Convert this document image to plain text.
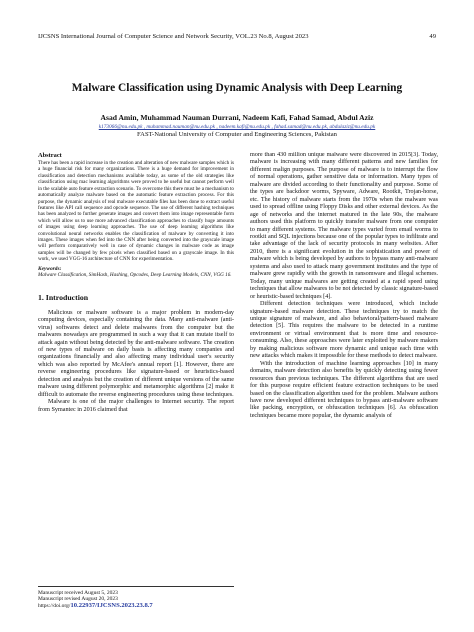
IJCSNS International Journal of Computer Science and Network Security, VOL.23 No.8, August 2023	49
Malware Classification using Dynamic Analysis with Deep Learning
Asad Amin, Muhammad Nauman Durrani, Nadeem Kafi, Fahad Samad, Abdul Aziz
k173066@nu.edu.pk , muhammad.nauman@nu.edu.pk , nadeem.kafi@nu.edu.pk , fahad.samad@nu.edu.pk, abdulaziz@nu.edu.pk
FAST-National University of Computer and Engineering Sciences, Pakistan
Abstract

There has been a rapid increase in the creation and alteration of new malware samples which is a huge financial risk for many organizations. There is a huge demand for improvement in classification and detection mechanisms available today, as some of the old strategies like classification using mac learning algorithms were proved to be useful but cannot perform well in the scalable auto feature extraction scenario. To overcome this there must be a mechanism to automatically analyze malware based on the automatic feature extraction process. For this purpose, the dynamic analysis of real malware executable files has been done to extract useful features like API call sequence and opcode sequence. The use of different hashing techniques has been analyzed to further generate images and convert them into image representable form which will allow us to use more advanced classification approaches to classify huge amounts of images using deep learning approaches. The use of deep learning algorithms like convolutional neural networks enables the classification of malware by converting it into images. These images when fed into the CNN after being converted into the grayscale image will perform comparatively well in case of dynamic changes in malware code as image samples will be changed by few pixels when classified based on a grayscale image. In this work, we used VGG-16 architecture of CNN for experimentation.

Keywords:
Malware Classification, SimHash, Hashing, Opcodes, Deep Learning Models, CNN, VGG 16.
1. Introduction

Malicious or malware software is a major problem in modern-day computing devices, especially containing the data. Many anti-malware (anti-virus) softwares detect and delete malwares from the computer but the malwares nowadays are programmed in such a way that it can mutate itself to attack again without being detected by the anti-malware software. The creation of new types of malware on daily basis is affecting many companies and organizations financially and also affecting many individual user's security which was also reported by McAfee's annual report [1]. However, there are reverse engineering procedures like signature-based or heuristics-based detection and analysis but the creation of different unique versions of the same malware using different polymorphic and metamorphic algorithms [2] make it difficult to automate the reverse engineering procedures using these techniques.

Malware is one of the major challenges to Internet security. The report from Symantec in 2016 claimed that

more than 430 million unique malware were discovered in 2015[3]. Today, malware is increasing with many different patterns and new families for different malign purposes. The purpose of malware is to interrupt the flow of normal operations, gather sensitive data or information. Many types of malware are divided according to their functionality and purpose. Some of the types are backdoor worms, Spyware, Adware, Rootkit, Trojan-horse, etc. The history of malware starts from the 1970s when the malware was used to spread offline using Floppy Disks and other external devices. As the age of networks and the internet matured in the late 90s, the malware authors used this platform to quickly transfer malware from one computer to many different systems. The malware types varied from email worms to rootkit and SQL injections because one of the popular types to infiltrate and take advantage of the lack of security protocols in many websites. After 2010, there is a significant evolution in the sophistication and power of malware which is being developed by authors to bypass many anti-malware systems and also used to attack many government institutes and the type of malware grew rapidly with the growth in ransomware and illegal schemes. Today, many unique malwares are getting created at a rapid speed using techniques that allow malwares to be not detected by classic signature-based or heuristic-based techniques [4].

Different detection techniques were introduced, which include signature-based malware detection. These techniques try to match the unique signature of malware, and also behavioral/pattern-based malware detection [5]. This requires the malware to be detected in a runtime environment or virtual environment that is more time and resource-consuming. Also, these approaches were later exploited by malware makers by making malicious software more dynamic and unique each time with new attacks which makes it impossible for these methods to detect malware.

With the introduction of machine learning approaches [10] in many domains, malware detection also benefits by quickly detecting using fewer resources than previous techniques. The different algorithms that are used for this purpose require efficient feature extraction techniques to be used based on the classification algorithm used for the problem. Malware authors have now developed different techniques to bypass anti-malware software like packing, encryption, or obfuscation techniques [6]. As obfuscation techniques became more popular, the dynamic analysis of

Manuscript received August 5, 2023
Manuscript revised August 20, 2023
https://doi.org/10.22937/IJCSNS.2023.23.8.7
